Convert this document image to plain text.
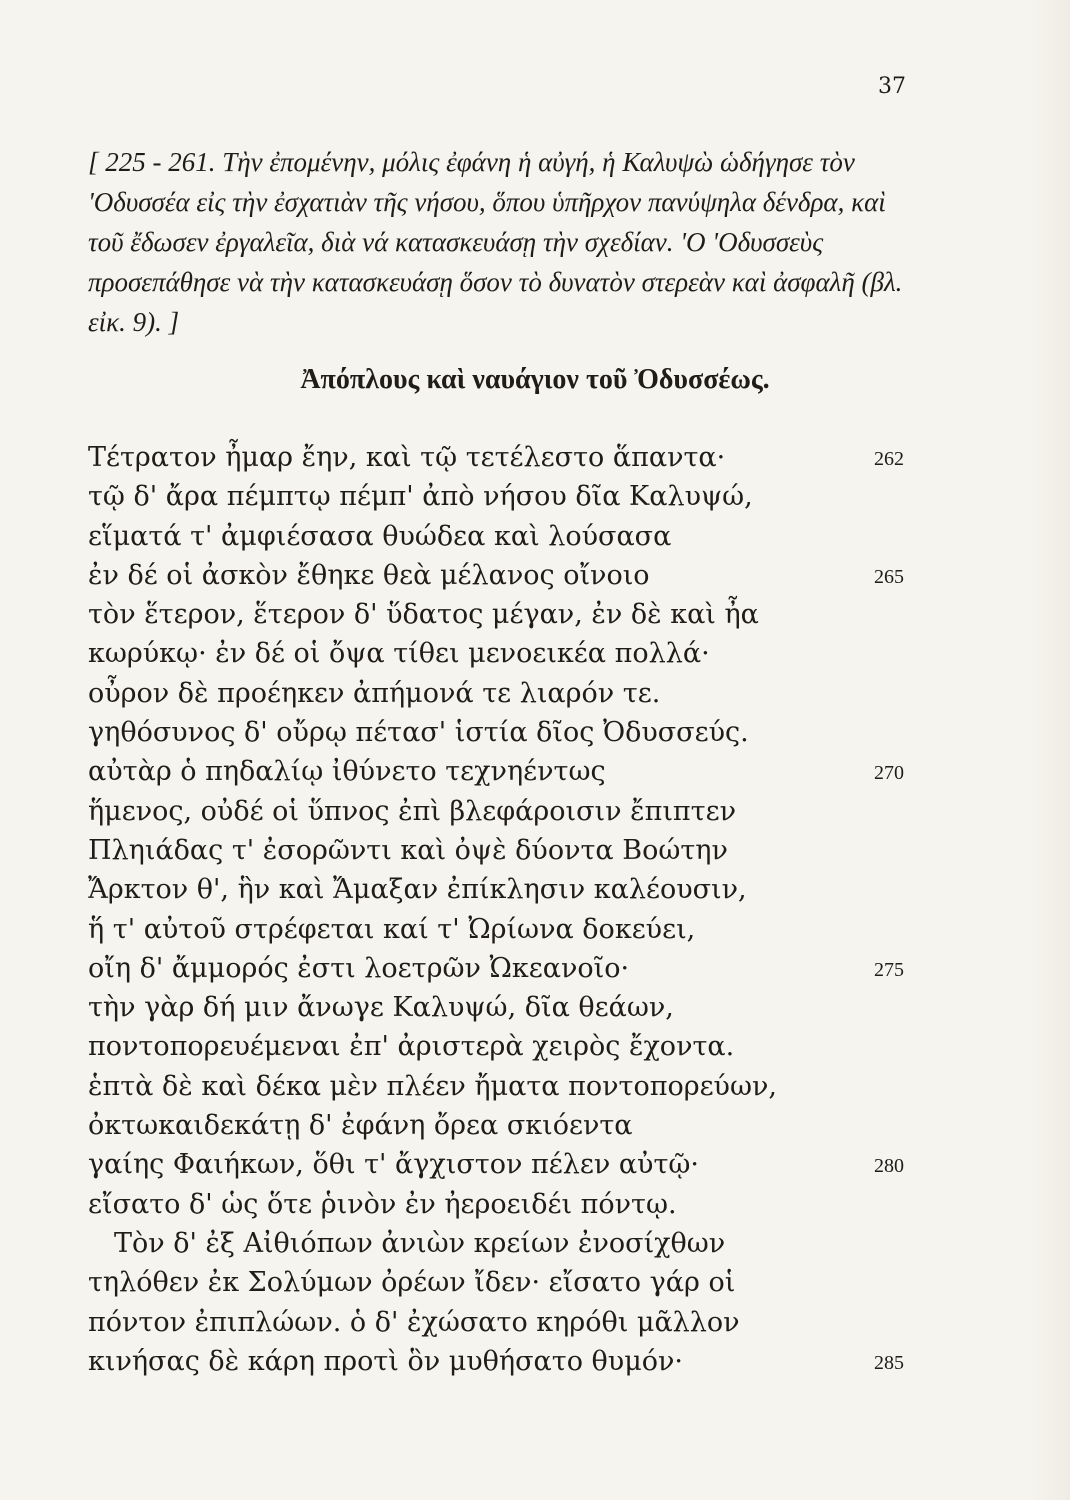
37

[ 225 - 261. Τὴν ἐπομένην, μόλις ἐφάνη ἡ αὐγή, ἡ Καλυψὼ ὡδήγησε τὸν 'Οδυσσέα εἰς τὴν ἐσχατιὰν τῆς νήσου, ὅπου ὑπῆρχον πανύψηλα δένδρα, καὶ τοῦ ἔδωσεν ἐργαλεῖα, διὰ νά κατασκευάσῃ τὴν σχεδίαν. 'Ο 'Οδυσσεὺς προσεπάθησε νὰ τὴν κατασκευάσῃ ὅσον τὸ δυνατὸν στερεὰν καὶ ἀσφαλῆ (βλ. εἰκ. 9). ]

Ἀπόπλους καὶ ναυάγιον τοῦ Ὀδυσσέως.
Τέτρατον ἦμαρ ἔην, καὶ τῷ τετέλεστο ἅπαντα·	262
τῷ δ' ἄρα πέμπτῳ πέμπ' ἀπὸ νήσου δῖα Καλυψώ,
εἵματά τ' ἀμφιέσασα θυώδεα καὶ λούσασα
ἐν δέ οἱ ἀσκὸν ἔθηκε θεὰ μέλανος οἴνοιο	265
τὸν ἕτερον, ἕτερον δ' ὕδατος μέγαν, ἐν δὲ καὶ ἦα
κωρύκῳ· ἐν δέ οἱ ὄψα τίθει μενοεικέα πολλά·
οὖρον δὲ προέηκεν ἀπήμονά τε λιαρόν τε.
γηθόσυνος δ' οὔρῳ πέτασ' ἱστία δῖος Ὀδυσσεύς.
αὐτὰρ ὁ πηδαλίῳ ἰθύνετο τεχνηέντως	270
ἥμενος, οὐδέ οἱ ὕπνος ἐπὶ βλεφάροισιν ἔπιπτεν
Πληιάδας τ' ἐσορῶντι καὶ ὀψὲ δύοντα Βοώτην
Ἄρκτον θ', ἣν καὶ Ἄμαξαν ἐπίκλησιν καλέουσιν,
ἥ τ' αὐτοῦ στρέφεται καί τ' Ὠρίωνα δοκεύει,
οἴη δ' ἄμμορός ἐστι λοετρῶν Ὠκεανοῖο·	275
τὴν γὰρ δή μιν ἄνωγε Καλυψώ, δῖα θεάων,
ποντοπορευέμεναι ἐπ' ἀριστερὰ χειρὸς ἔχοντα.
ἑπτὰ δὲ καὶ δέκα μὲν πλέεν ἤματα ποντοπορεύων,
ὀκτωκαιδεκάτῃ δ' ἐφάνη ὄρεα σκιόεντα
γαίης Φαιήκων, ὅθι τ' ἄγχιστον πέλεν αὐτῷ·	280
εἴσατο δ' ὡς ὅτε ῥινὸν ἐν ἠεροειδέι πόντῳ.
Τὸν δ' ἐξ Αἰθιόπων ἀνιὼν κρείων ἐνοσίχθων
τηλόθεν ἐκ Σολύμων ὀρέων ἴδεν· εἴσατο γάρ οἱ
πόντον ἐπιπλώων. ὁ δ' ἐχώσατο κηρόθι μᾶλλον
κινήσας δὲ κάρη προτὶ ὃν μυθήσατο θυμόν·	285
